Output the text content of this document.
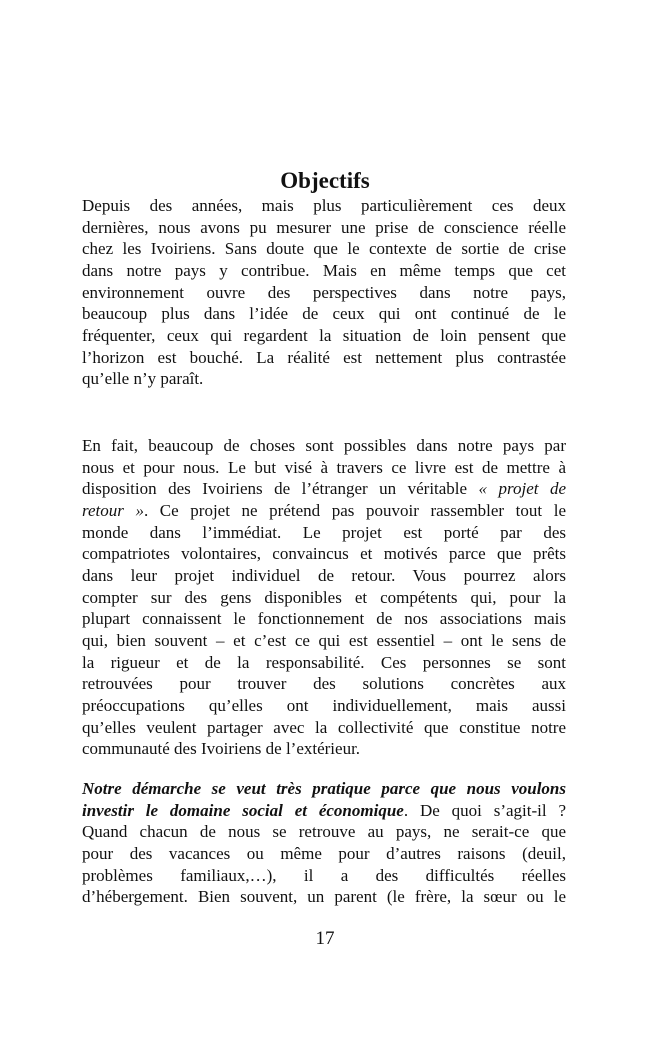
Objectifs
Depuis des années, mais plus particulièrement ces deux
dernières, nous avons pu mesurer une prise de conscience réelle
chez les Ivoiriens. Sans doute que le contexte de sortie de crise
dans notre pays y contribue. Mais en même temps que cet
environnement ouvre des perspectives dans notre pays,
beaucoup plus dans l’idée de ceux qui ont continué de le
fréquenter, ceux qui regardent la situation de loin pensent que
l’horizon est bouché. La réalité est nettement plus contrastée
qu’elle n’y paraît.
En fait, beaucoup de choses sont possibles dans notre pays par
nous et pour nous. Le but visé à travers ce livre est de mettre à
disposition des Ivoiriens de l’étranger un véritable « projet de
retour ». Ce projet ne prétend pas pouvoir rassembler tout le
monde dans l’immédiat. Le projet est porté par des
compatriotes volontaires, convaincus et motivés parce que prêts
dans leur projet individuel de retour. Vous pourrez alors
compter sur des gens disponibles et compétents qui, pour la
plupart connaissent le fonctionnement de nos associations mais
qui, bien souvent – et c’est ce qui est essentiel – ont le sens de
la rigueur et de la responsabilité. Ces personnes se sont
retrouvées pour trouver des solutions concrètes aux
préoccupations qu’elles ont individuellement, mais aussi
qu’elles veulent partager avec la collectivité que constitue notre
communauté des Ivoiriens de l’extérieur.
Notre démarche se veut très pratique parce que nous voulons
investir le domaine social et économique. De quoi s’agit-il ?
Quand chacun de nous se retrouve au pays, ne serait-ce que
pour des vacances ou même pour d’autres raisons (deuil,
problèmes familiaux,…), il a des difficultés réelles
d’hébergement. Bien souvent, un parent (le frère, la sœur ou le
17
